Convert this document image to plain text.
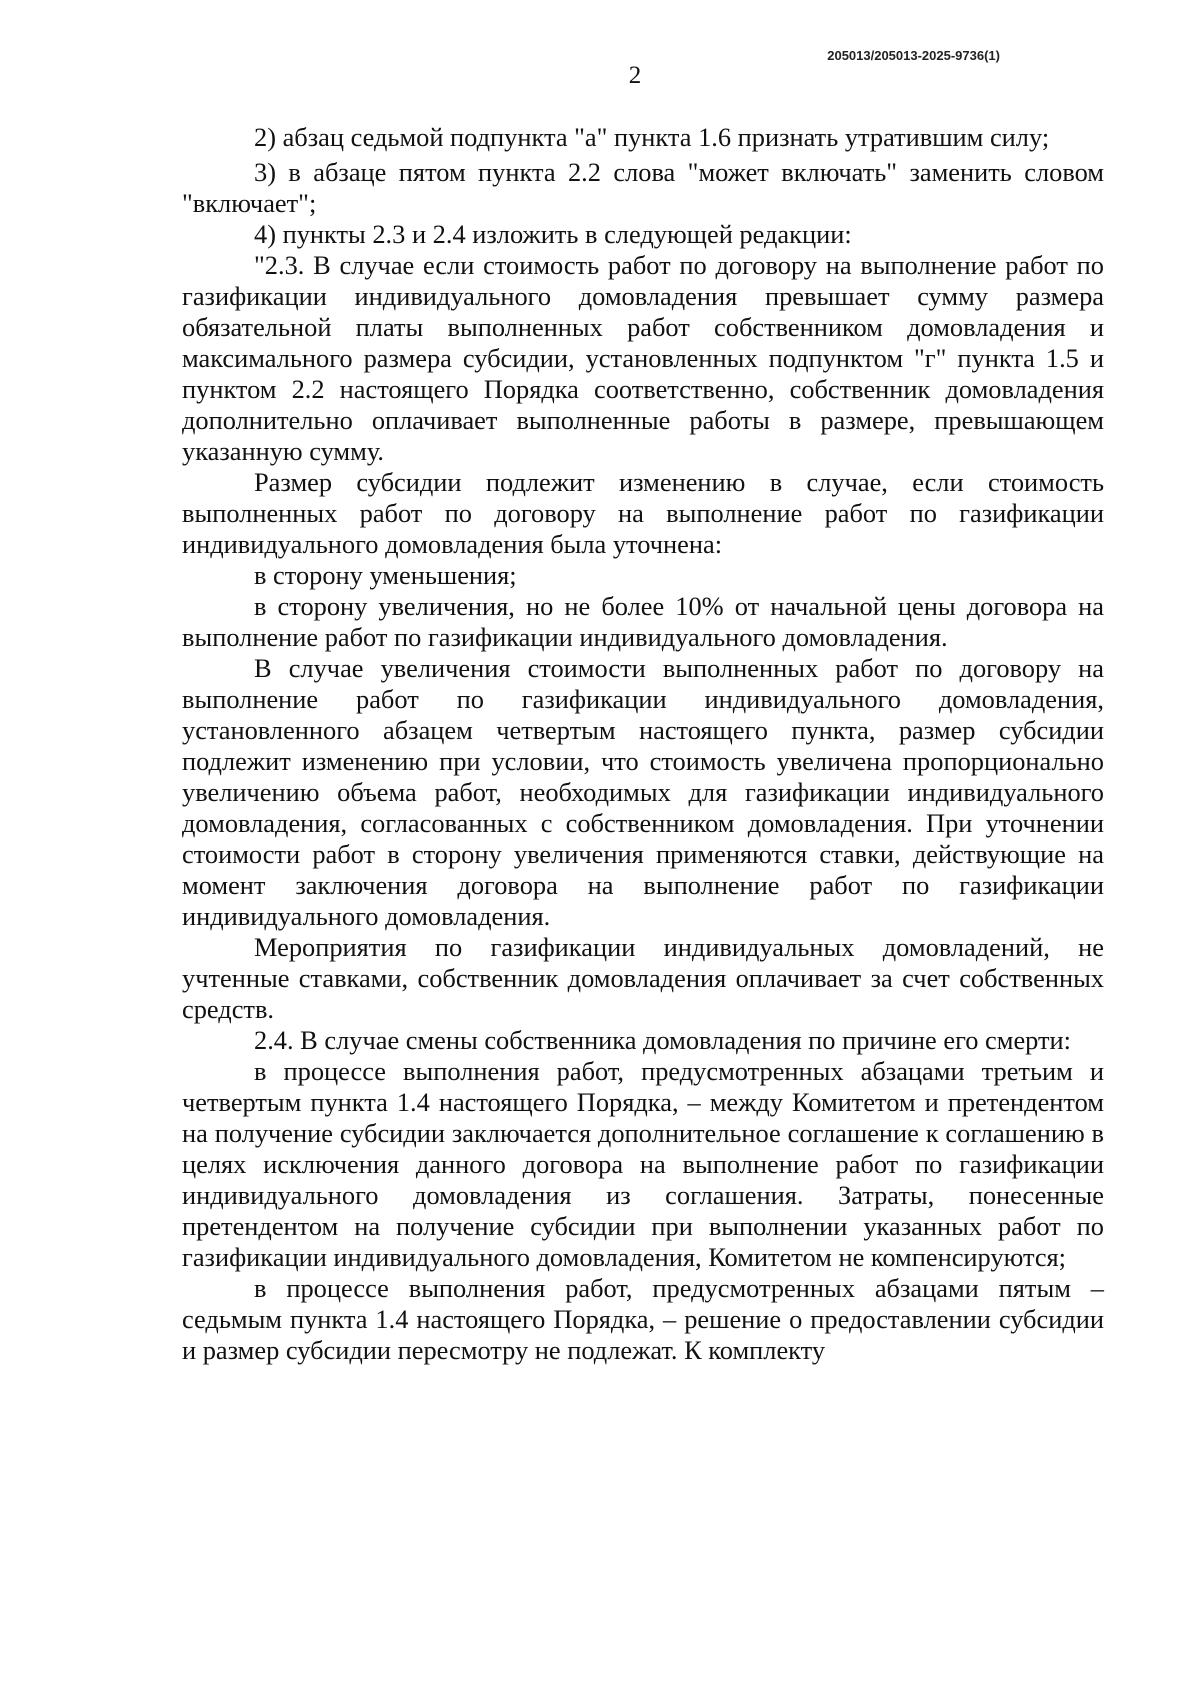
205013/205013-2025-9736(1)
2

2) абзац седьмой подпункта "а" пункта 1.6 признать утратившим силу;

3) в абзаце пятом пункта 2.2 слова "может включать" заменить словом "включает";

4) пункты 2.3 и 2.4 изложить в следующей редакции:

"2.3. В случае если стоимость работ по договору на выполнение работ по газификации индивидуального домовладения превышает сумму размера обязательной платы выполненных работ собственником домовладения и максимального размера субсидии, установленных подпунктом "г" пункта 1.5 и пунктом 2.2 настоящего Порядка соответственно, собственник домовладения дополнительно оплачивает выполненные работы в размере, превышающем указанную сумму.

Размер субсидии подлежит изменению в случае, если стоимость выполненных работ по договору на выполнение работ по газификации индивидуального домовладения была уточнена:

в сторону уменьшения;

в сторону увеличения, но не более 10% от начальной цены договора на выполнение работ по газификации индивидуального домовладения.

В случае увеличения стоимости выполненных работ по договору на выполнение работ по газификации индивидуального домовладения, установленного абзацем четвертым настоящего пункта, размер субсидии подлежит изменению при условии, что стоимость увеличена пропорционально увеличению объема работ, необходимых для газификации индивидуального домовладения, согласованных с собственником домовладения. При уточнении стоимости работ в сторону увеличения применяются ставки, действующие на момент заключения договора на выполнение работ по газификации индивидуального домовладения.

Мероприятия по газификации индивидуальных домовладений, не учтенные ставками, собственник домовладения оплачивает за счет собственных средств.

2.4. В случае смены собственника домовладения по причине его смерти:

в процессе выполнения работ, предусмотренных абзацами третьим и четвертым пункта 1.4 настоящего Порядка, – между Комитетом и претендентом на получение субсидии заключается дополнительное соглашение к соглашению в целях исключения данного договора на выполнение работ по газификации индивидуального домовладения из соглашения. Затраты, понесенные претендентом на получение субсидии при выполнении указанных работ по газификации индивидуального домовладения, Комитетом не компенсируются;

в процессе выполнения работ, предусмотренных абзацами пятым – седьмым пункта 1.4 настоящего Порядка, – решение о предоставлении субсидии и размер субсидии пересмотру не подлежат. К комплекту
